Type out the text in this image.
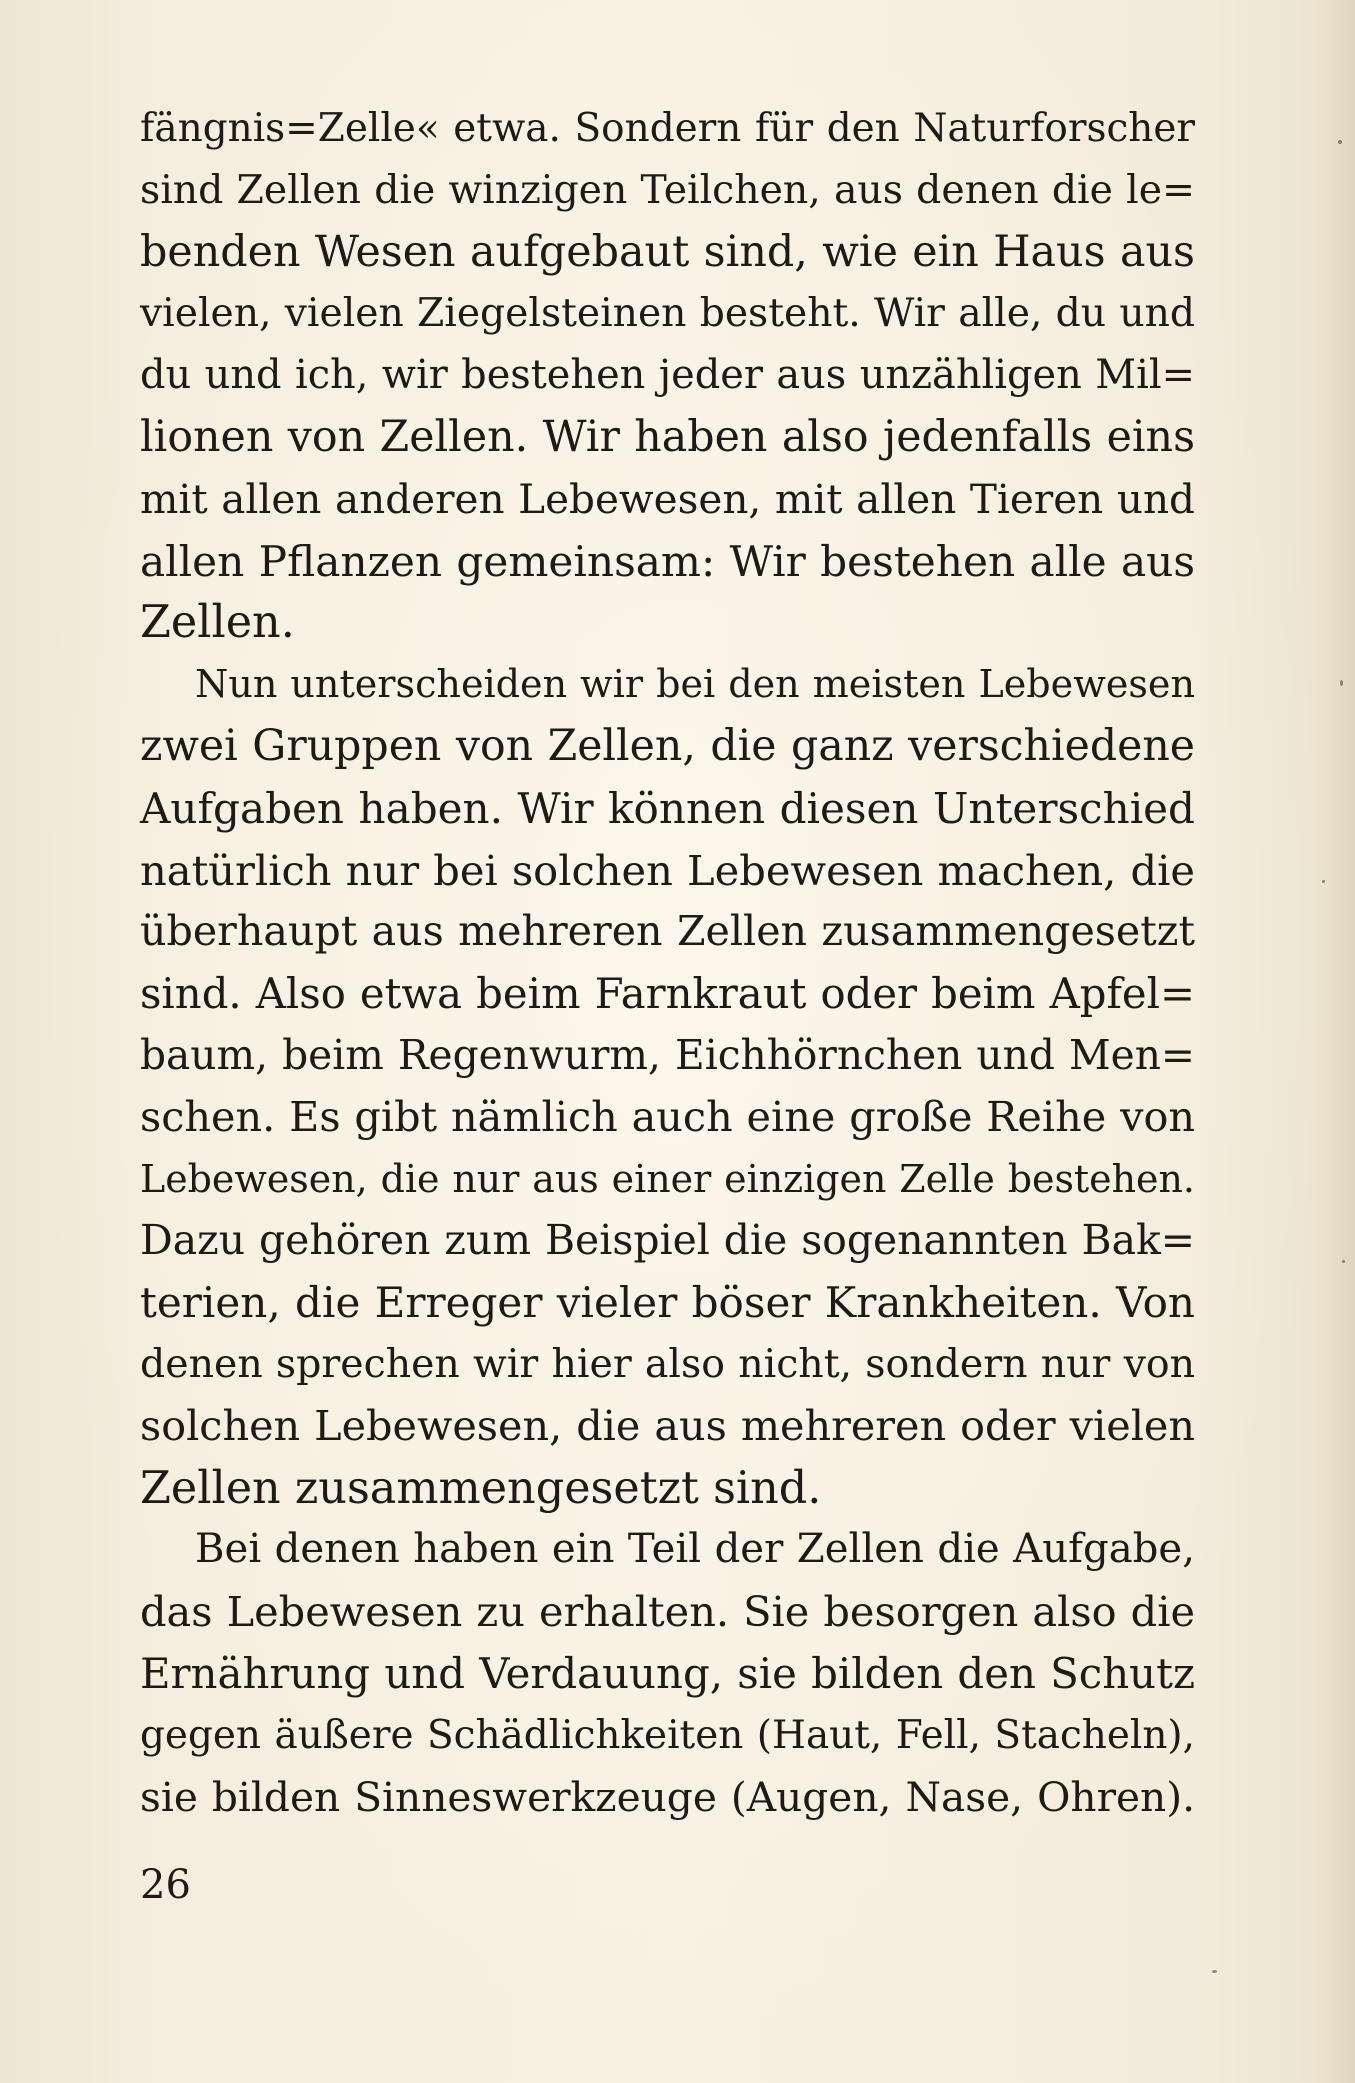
fängnis=Zelle« etwa. Sondern für den Naturforscher
sind Zellen die winzigen Teilchen, aus denen die le=
benden Wesen aufgebaut sind, wie ein Haus aus
vielen, vielen Ziegelsteinen besteht. Wir alle, du und
du und ich, wir bestehen jeder aus unzähligen Mil=
lionen von Zellen. Wir haben also jedenfalls eins
mit allen anderen Lebewesen, mit allen Tieren und
allen Pflanzen gemeinsam: Wir bestehen alle aus
Zellen.
Nun unterscheiden wir bei den meisten Lebewesen
zwei Gruppen von Zellen, die ganz verschiedene
Aufgaben haben. Wir können diesen Unterschied
natürlich nur bei solchen Lebewesen machen, die
überhaupt aus mehreren Zellen zusammengesetzt
sind. Also etwa beim Farnkraut oder beim Apfel=
baum, beim Regenwurm, Eichhörnchen und Men=
schen. Es gibt nämlich auch eine große Reihe von
Lebewesen, die nur aus einer einzigen Zelle bestehen.
Dazu gehören zum Beispiel die sogenannten Bak=
terien, die Erreger vieler böser Krankheiten. Von
denen sprechen wir hier also nicht, sondern nur von
solchen Lebewesen, die aus mehreren oder vielen
Zellen zusammengesetzt sind.
Bei denen haben ein Teil der Zellen die Aufgabe,
das Lebewesen zu erhalten. Sie besorgen also die
Ernährung und Verdauung, sie bilden den Schutz
gegen äußere Schädlichkeiten (Haut, Fell, Stacheln),
sie bilden Sinneswerkzeuge (Augen, Nase, Ohren).
26
